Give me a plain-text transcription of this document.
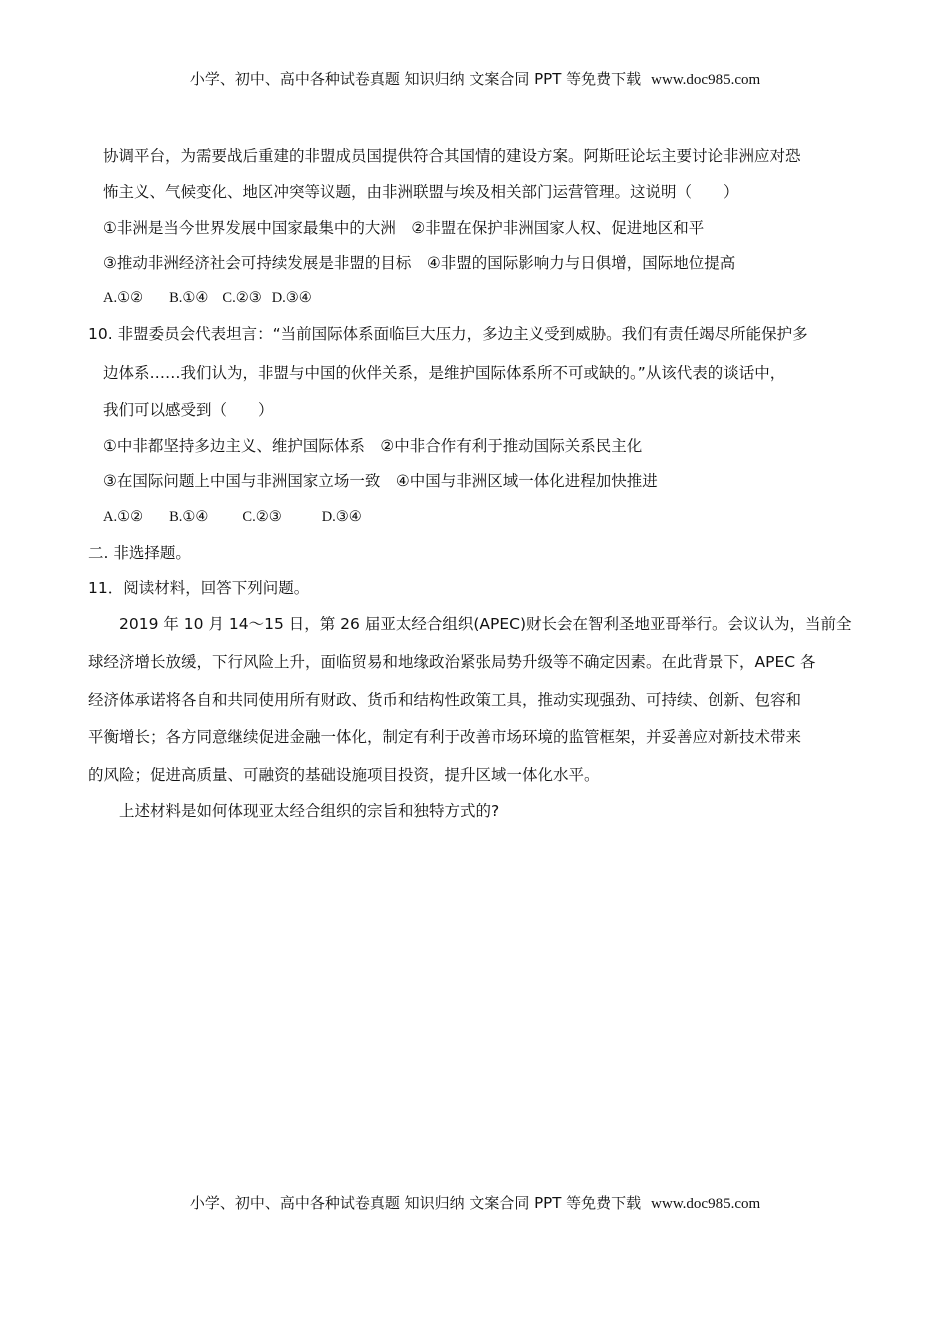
小学、初中、高中各种试卷真题 知识归纳 文案合同 PPT 等免费下载 www.doc985.com
协调平台，为需要战后重建的非盟成员国提供符合其国情的建设方案。阿斯旺论坛主要讨论非洲应对恐
怖主义、气候变化、地区冲突等议题，由非洲联盟与埃及相关部门运营管理。这说明（　　）
①非洲是当今世界发展中国家最集中的大洲　②非盟在保护非洲国家人权、促进地区和平
③推动非洲经济社会可持续发展是非盟的目标　④非盟的国际影响力与日俱增，国际地位提高
A.①② B.①④ C.②③ D.③④
10. 非盟委员会代表坦言：“当前国际体系面临巨大压力，多边主义受到威胁。我们有责任竭尽所能保护多
边体系……我们认为，非盟与中国的伙伴关系，是维护国际体系所不可或缺的。”从该代表的谈话中，
我们可以感受到（　　）
①中非都坚持多边主义、维护国际体系　②中非合作有利于推动国际关系民主化
③在国际问题上中国与非洲国家立场一致　④中国与非洲区域一体化进程加快推进
A.①② B.①④ C.②③	D.③④
二. 非选择题。
11．阅读材料，回答下列问题。
2019 年 10 月 14～15 日，第 26 届亚太经合组织(APEC)财长会在智利圣地亚哥举行。会议认为，当前全
球经济增长放缓，下行风险上升，面临贸易和地缘政治紧张局势升级等不确定因素。在此背景下，APEC 各
经济体承诺将各自和共同使用所有财政、货币和结构性政策工具，推动实现强劲、可持续、创新、包容和
平衡增长；各方同意继续促进金融一体化，制定有利于改善市场环境的监管框架，并妥善应对新技术带来
的风险；促进高质量、可融资的基础设施项目投资，提升区域一体化水平。
上述材料是如何体现亚太经合组织的宗旨和独特方式的?
小学、初中、高中各种试卷真题 知识归纳 文案合同 PPT 等免费下载 www.doc985.com
